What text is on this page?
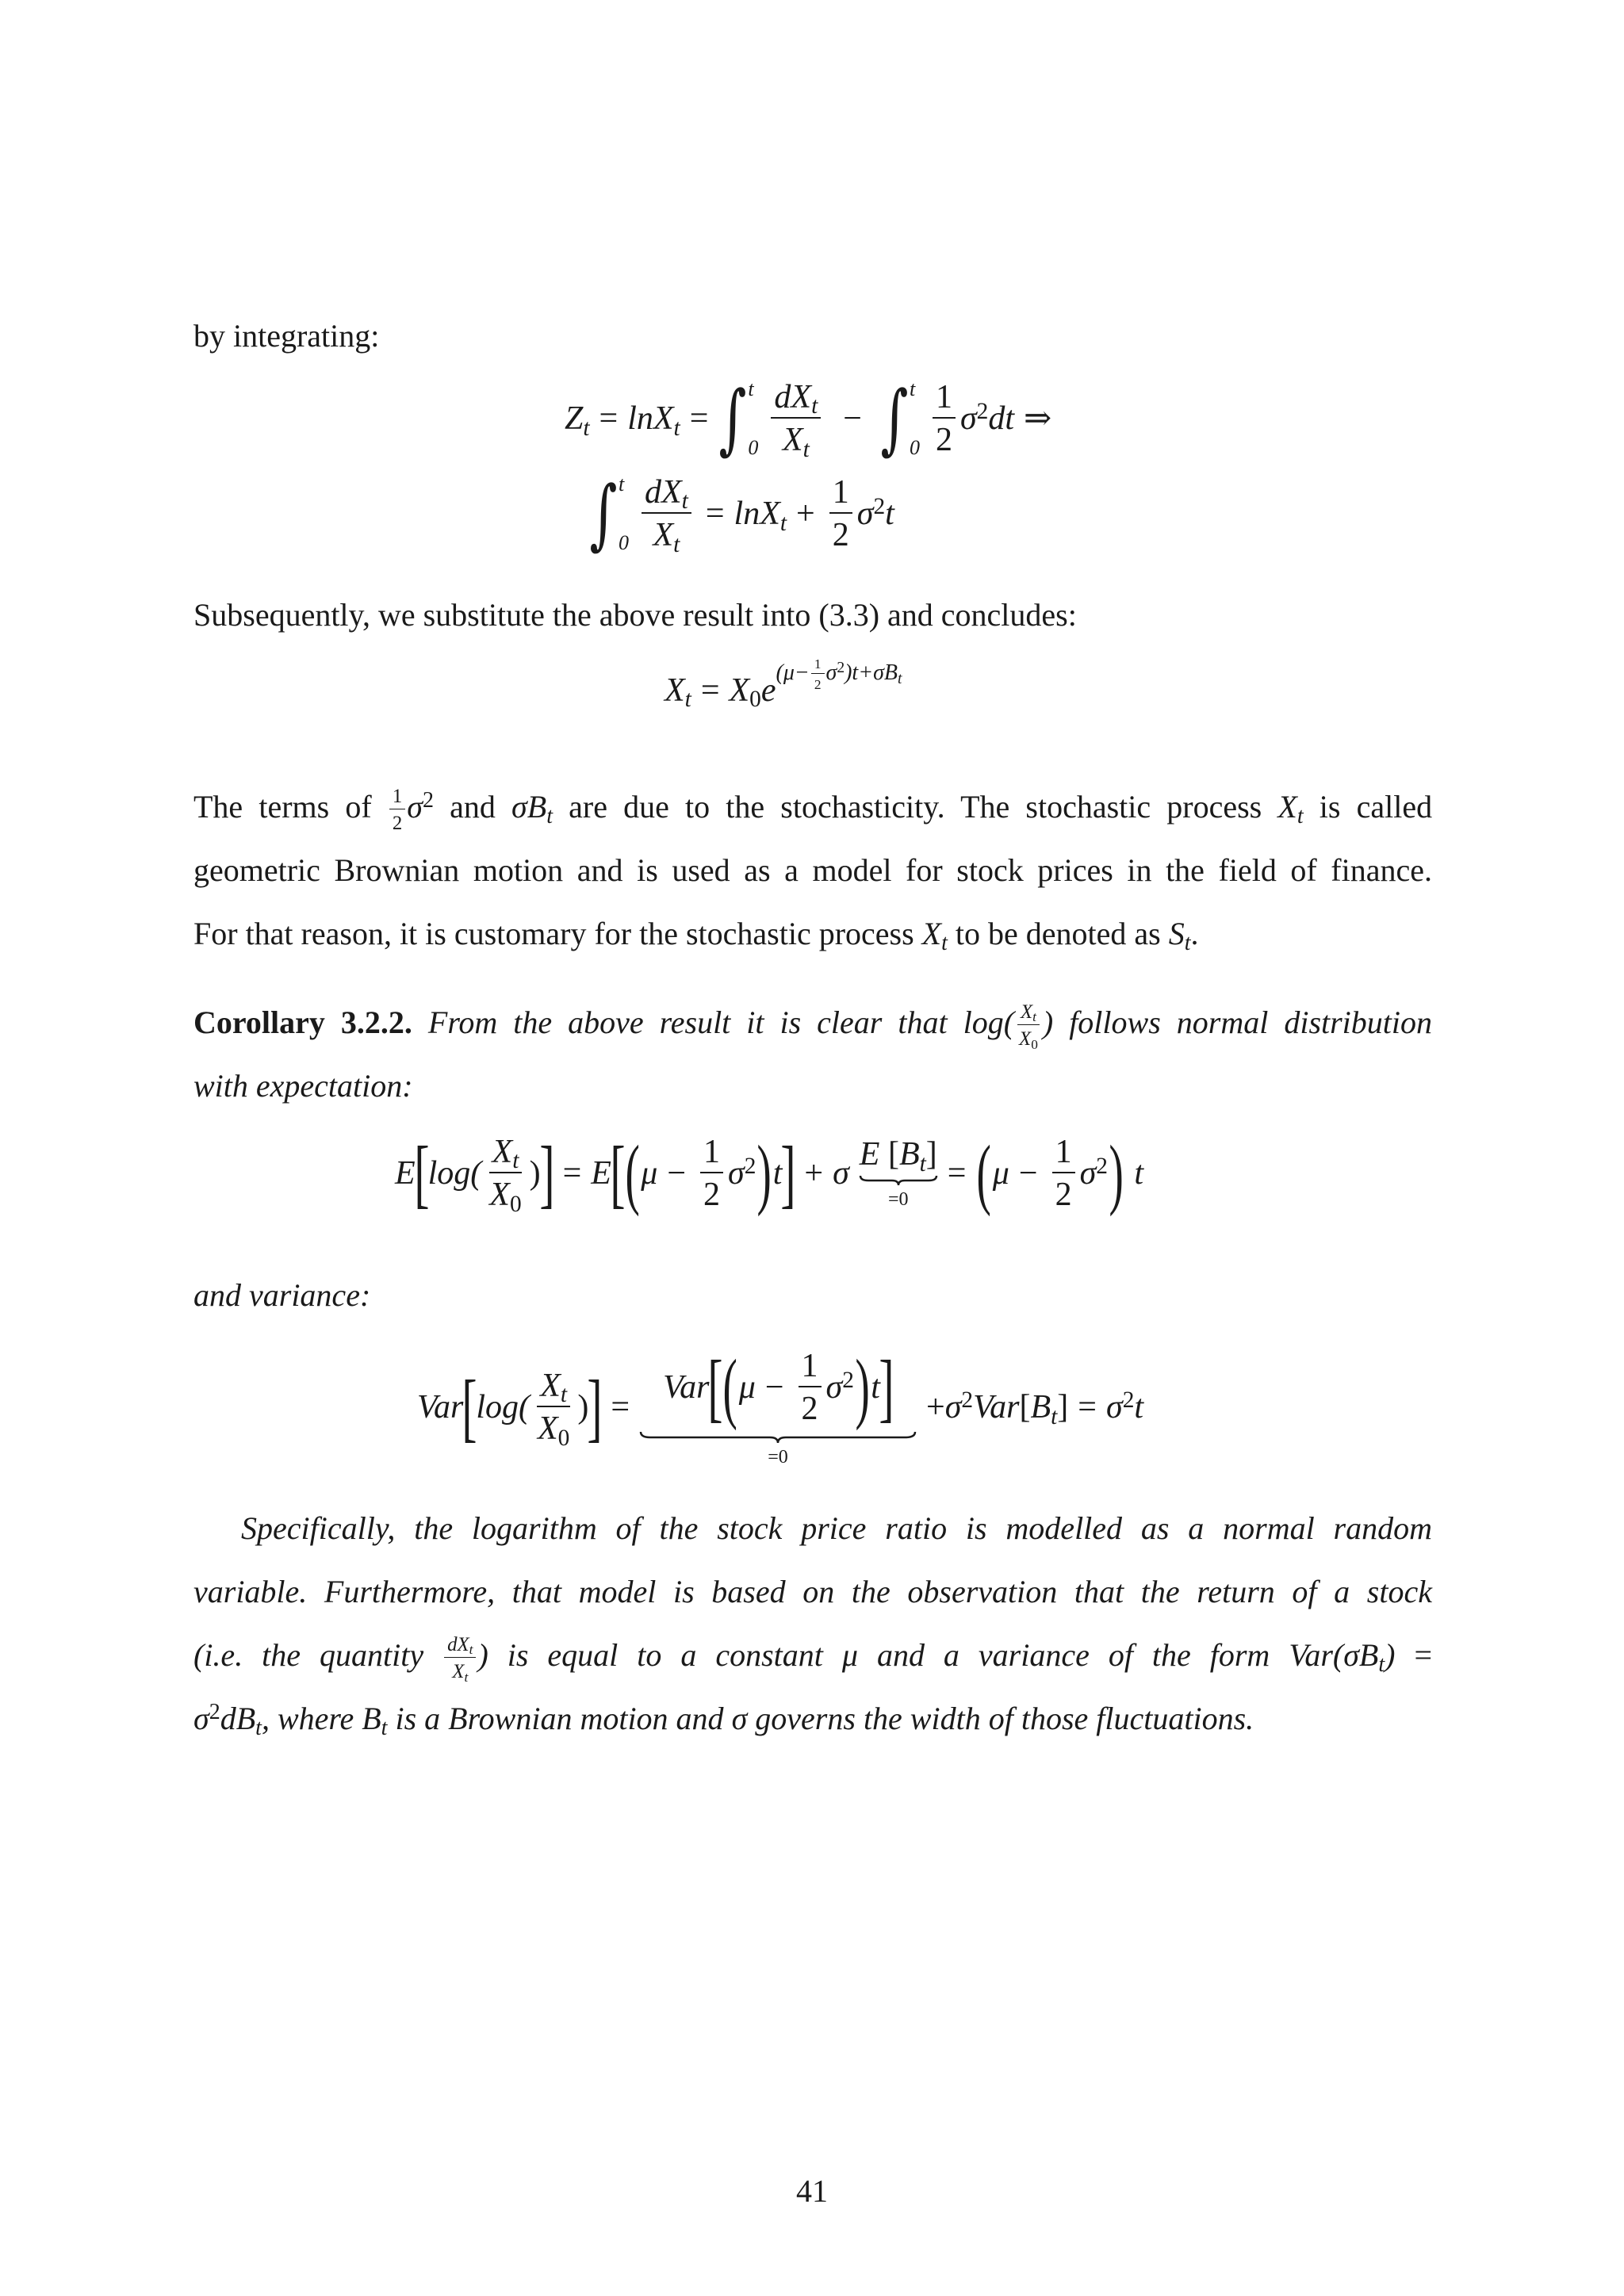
by integrating:
$Z_t = \ln X_t$ = ∫ t
$0 \frac{dX_t}{X_t}$ − ∫ t
$0 \frac{1}{2} \sigma^2dt$ ⇒
∫ t
$0 \frac{dX_t}{X_t} = \ln X_t + \frac{1}{2} \sigma^2t$
Subsequently, we substitute the above result into (3.3) and concludes:
$X_t = X_0e$ $(\mu- \frac{1}{2} \sigma^2)t+\sigma B_t$
The terms of $\frac{1}{2} \sigma^2$ and $\sigma B_t$ are due to the stochasticity. The stochastic process $X_t$ is called
geometric Brownian motion and is used as a model for stock prices in the field of finance.
For that reason, it is customary for the stochastic process $X_t$ to be denoted as $S_t$.
Corollary 3.2.2. From the above result it is clear that $\log( \frac{X_t}{X_0}$ ) follows normal distribution
with expectation:
E
[
$\log( \frac{X_t}{X_0}$ )
] = E
[ ( $\mu - \frac{1}{2} \sigma^2$ ) t
] + σ
E $[B_t]$
=0
= ( $\mu - \frac{1}{2} \sigma^2$ ) t
and variance:
Var
[
$\log( \frac{X_t}{X_0}$ )
] =
Var
[ ( $\mu - \frac{1}{2} \sigma^2$ ) t
]
=0
+ $\sigma^2Var$ [ $B_t$ ] = $\sigma^2t$
Specifically, the logarithm of the stock price ratio is modelled as a normal random
variable. Furthermore, that model is based on the observation that the return of a stock
(i.e. the quantity $\frac{dX_t}{X_t}$ ) is equal to a constant μ and a variance of the form $Var(\sigma B_t)$ =
$\sigma^2dB_t$, where $B_t$ is a Brownian motion and σ governs the width of those fluctuations.
41
